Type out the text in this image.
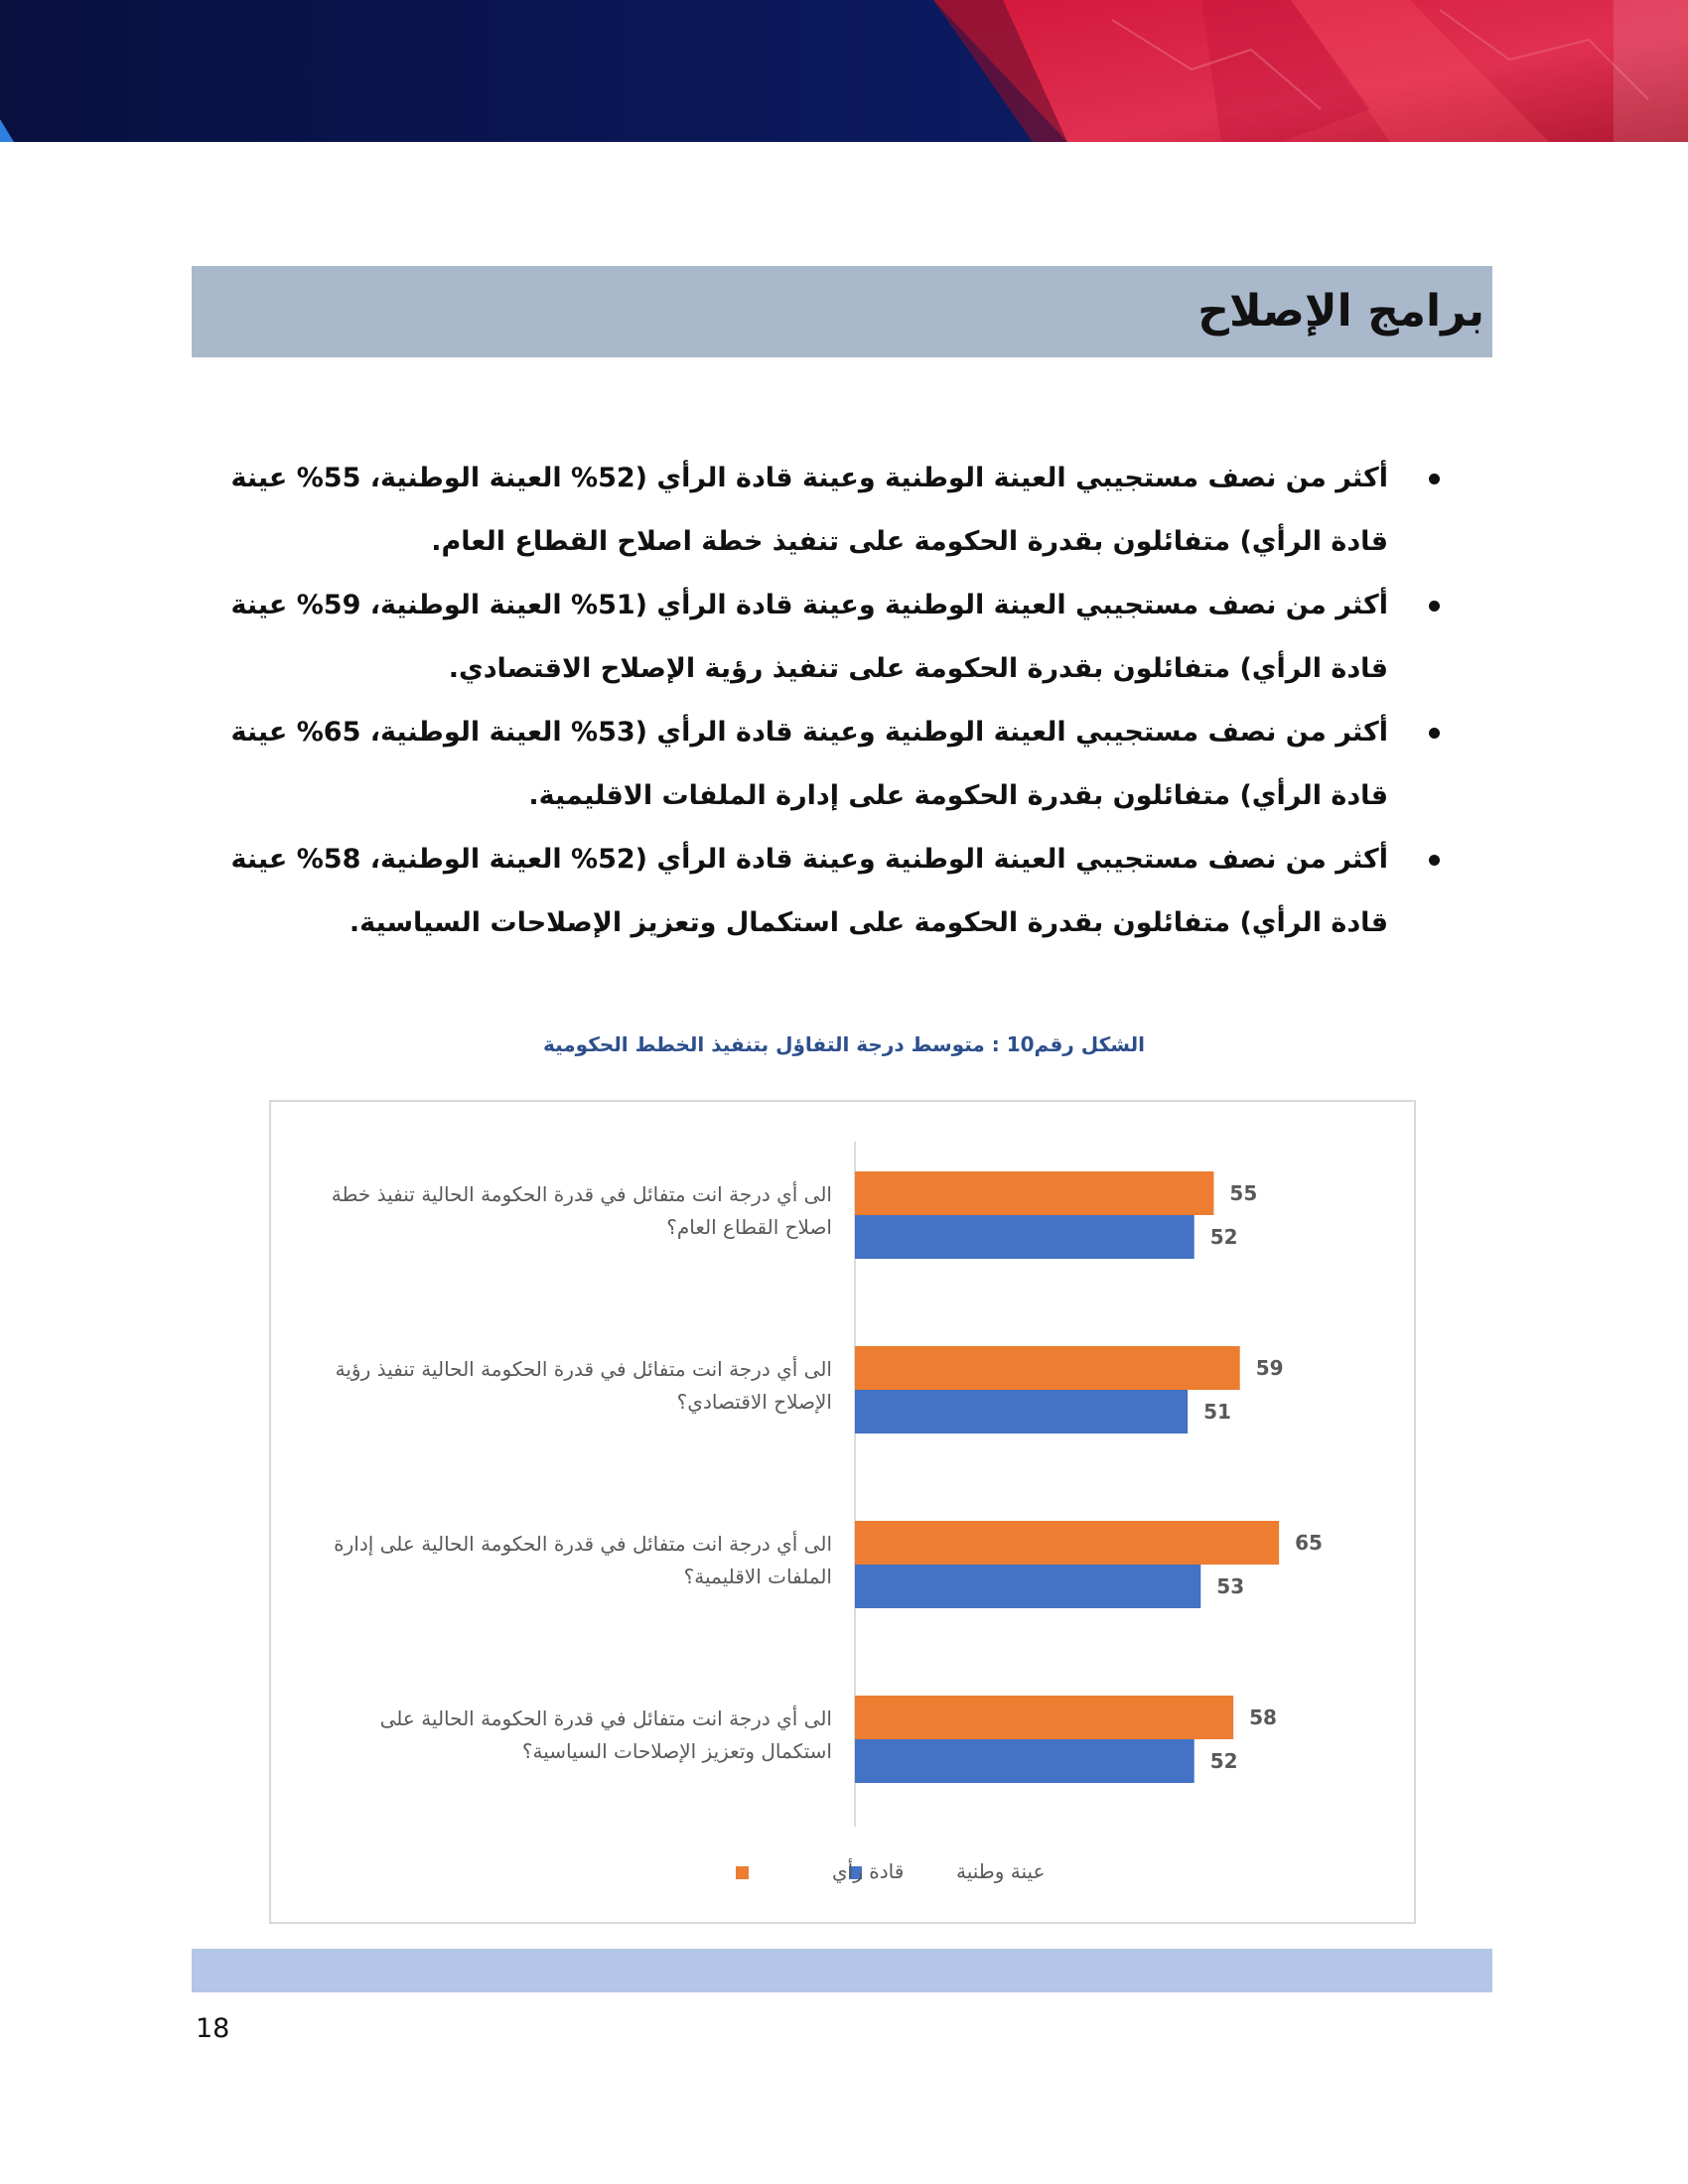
برامج الإصلاح
أكثر من نصف مستجيبي العينة الوطنية وعينة قادة الرأي (52% العينة الوطنية، 55% عينة قادة الرأي) متفائلون بقدرة الحكومة على تنفيذ خطة اصلاح القطاع العام.
أكثر من نصف مستجيبي العينة الوطنية وعينة قادة الرأي (51% العينة الوطنية، 59% عينة قادة الرأي) متفائلون بقدرة الحكومة على تنفيذ رؤية الإصلاح الاقتصادي.
أكثر من نصف مستجيبي العينة الوطنية وعينة قادة الرأي (53% العينة الوطنية، 65% عينة قادة الرأي) متفائلون بقدرة الحكومة على إدارة الملفات الاقليمية.
أكثر من نصف مستجيبي العينة الوطنية وعينة قادة الرأي (52% العينة الوطنية، 58% عينة قادة الرأي) متفائلون بقدرة الحكومة على استكمال وتعزيز الإصلاحات السياسية.
الشكل رقم10 : متوسط درجة التفاؤل بتنفيذ الخطط الحكومية
الى أي درجة انت متفائل في قدرة الحكومة الحالية تنفيذ خطة
اصلاح القطاع العام؟
55
52
الى أي درجة انت متفائل في قدرة الحكومة الحالية تنفيذ رؤية
الإصلاح الاقتصادي؟
59
51
الى أي درجة انت متفائل في قدرة الحكومة الحالية على إدارة
الملفات الاقليمية؟
65
53
الى أي درجة انت متفائل في قدرة الحكومة الحالية على
استكمال وتعزيز الإصلاحات السياسية؟
58
52
عينة وطنية
قادة رأي
18
